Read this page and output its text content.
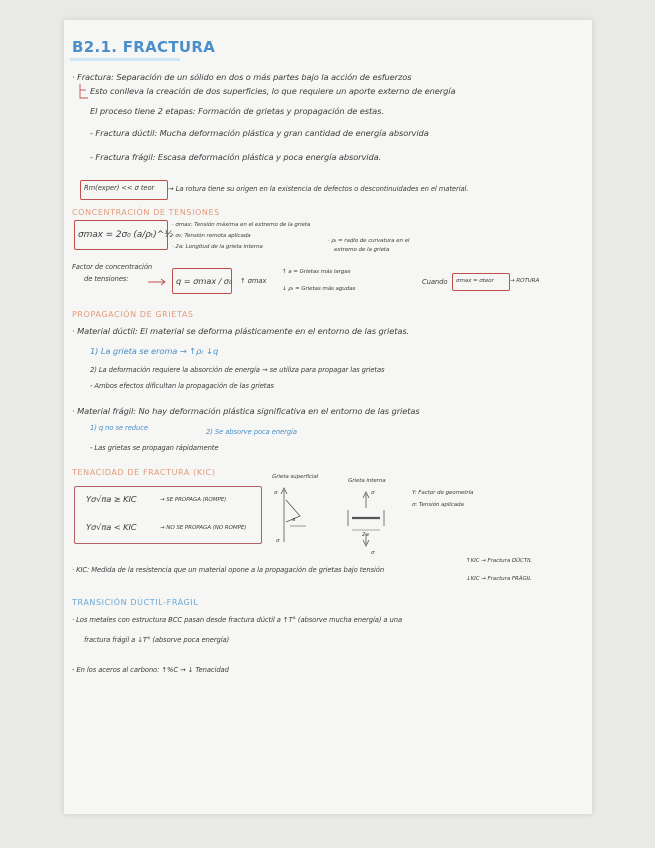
B2.1. FRACTURA
· Fractura: Separación de un sólido en dos o más partes bajo la acción de esfuerzos
Esto conlleva la creación de dos superficies, lo que requiere un aporte externo de energía
El proceso tiene 2 etapas: Formación de grietas y propagación de estas.
- Fractura dúctil: Mucha deformación plástica y gran cantidad de energía absorvida
- Fractura frágil: Escasa deformación plástica y poca energía absorvida.
Rm(exper) << σ teor → La rotura tiene su origen en la existencia de defectos o descontinuidades en el material.
CONCENTRACIÓN DE TENSIONES
σmax = 2σ₀ (a/ρₜ)^½
· σmax: Tensión máxima en el extremo de la grieta
· σ₀: Tensión remota aplicada
· 2a: Longitud de la grieta interna
· ρₜ = radio de curvatura en el
extremo de la grieta
Factor de concentración
de tensiones:	q = σmax / σ₀ ↑ σmax
↑ a = Grietas más largas
↓ ρₜ = Grietas más agudas
Cuando σmax = σteor	→ ROTURA
PROPAGACIÓN DE GRIETAS
· Material dúctil: El material se deforma plásticamente en el entorno de las grietas.
1) La grieta se eroma → ↑ρₜ ↓q
2) La deformación requiere la absorción de energía → se utiliza para propagar las grietas
- Ambos efectos dificultan la propagación de las grietas
· Material frágil: No hay deformación plástica significativa en el entorno de las grietas
1) q no se reduce	2) Se absorve poca energía
- Las grietas se propagan rápidamente
TENACIDAD DE FRACTURA (KIC)
Yσ√πa ≥ KIC	→ SE PROPAGA (ROMPE)
Yσ√πa < KIC	→ NO SE PROPAGA (NO ROMPE)
Grieta superficial
σ
a
σ
Grieta interna
σ
2a
σ
Y: Factor de geometría
σ: Tensión aplicada
· KIC: Medida de la resistencia que un material opone a la propagación de grietas bajo tensión
↑KIC → Fractura DÚCTIL
↓KIC → Fractura FRÁGIL
TRANSICIÓN DÚCTIL-FRÁGIL
· Los metales con estructura BCC pasan desde fractura dúctil a ↑T° (absorve mucha energía) a una
fractura frágil a ↓T° (absorve poca energía)
- En los aceros al carbono: ↑%C → ↓ Tenacidad
